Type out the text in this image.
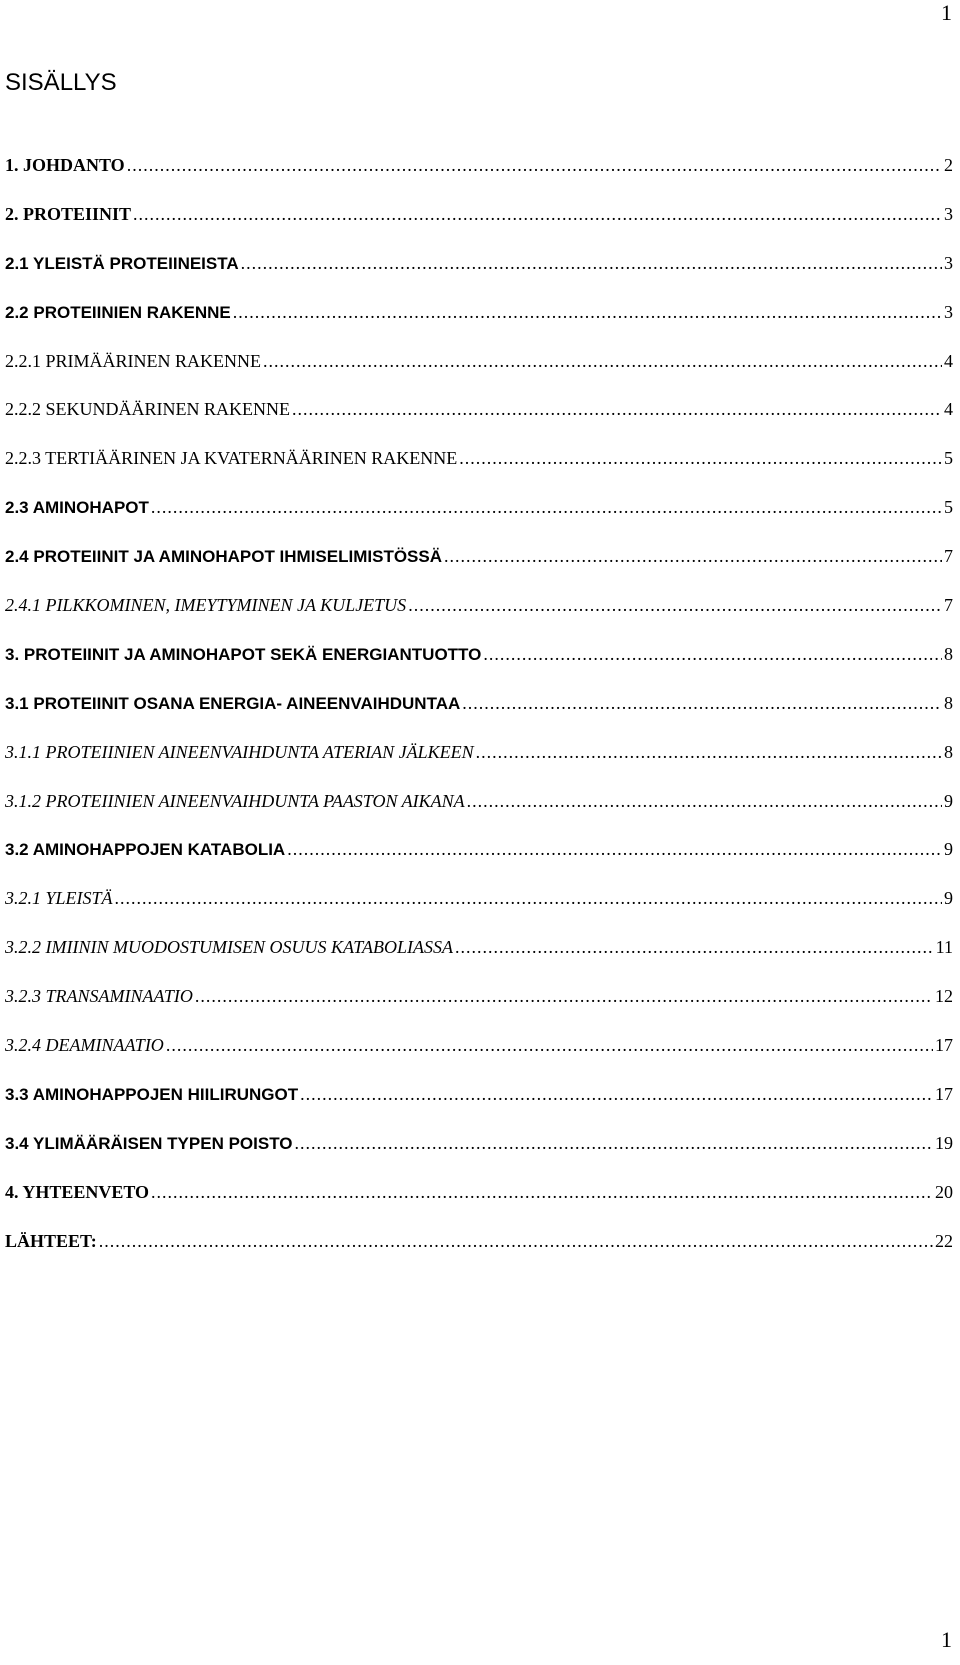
1
SISÄLLYS
1. JOHDANTO .....	2
2. PROTEIINIT .....	3
2.1 YLEISTÄ PROTEIINEISTA .....	3
2.2 PROTEIINIEN RAKENNE .....	3
2.2.1 PRIMÄÄRINEN RAKENNE .....	4
2.2.2 SEKUNDÄÄRINEN RAKENNE .....	4
2.2.3 TERTIÄÄRINEN JA KVATERNÄÄRINEN RAKENNE .....	5
2.3 AMINOHAPOT .....	5
2.4 PROTEIINIT JA AMINOHAPOT IHMISELIMISTÖSSÄ .....	7
2.4.1 PILKKOMINEN, IMEYTYMINEN JA KULJETUS .....	7
3. PROTEIINIT JA AMINOHAPOT SEKÄ ENERGIANTUOTTO .....	8
3.1 PROTEIINIT OSANA ENERGIA- AINEENVAIHDUNTAA .....	8
3.1.1 PROTEIINIEN AINEENVAIHDUNTA ATERIAN JÄLKEEN .....	8
3.1.2 PROTEIINIEN AINEENVAIHDUNTA PAASTON AIKANA .....	9
3.2 AMINOHAPPOJEN KATABOLIA .....	9
3.2.1 YLEISTÄ .....	9
3.2.2 IMIININ MUODOSTUMISEN OSUUS KATABOLIASSA .....	11
3.2.3 TRANSAMINAATIO .....	12
3.2.4 DEAMINAATIO .....	17
3.3 AMINOHAPPOJEN HIILIRUNGOT .....	17
3.4 YLIMÄÄRÄISEN TYPEN POISTO .....	19
4. YHTEENVETO .....	20
LÄHTEET: .....	22
1
